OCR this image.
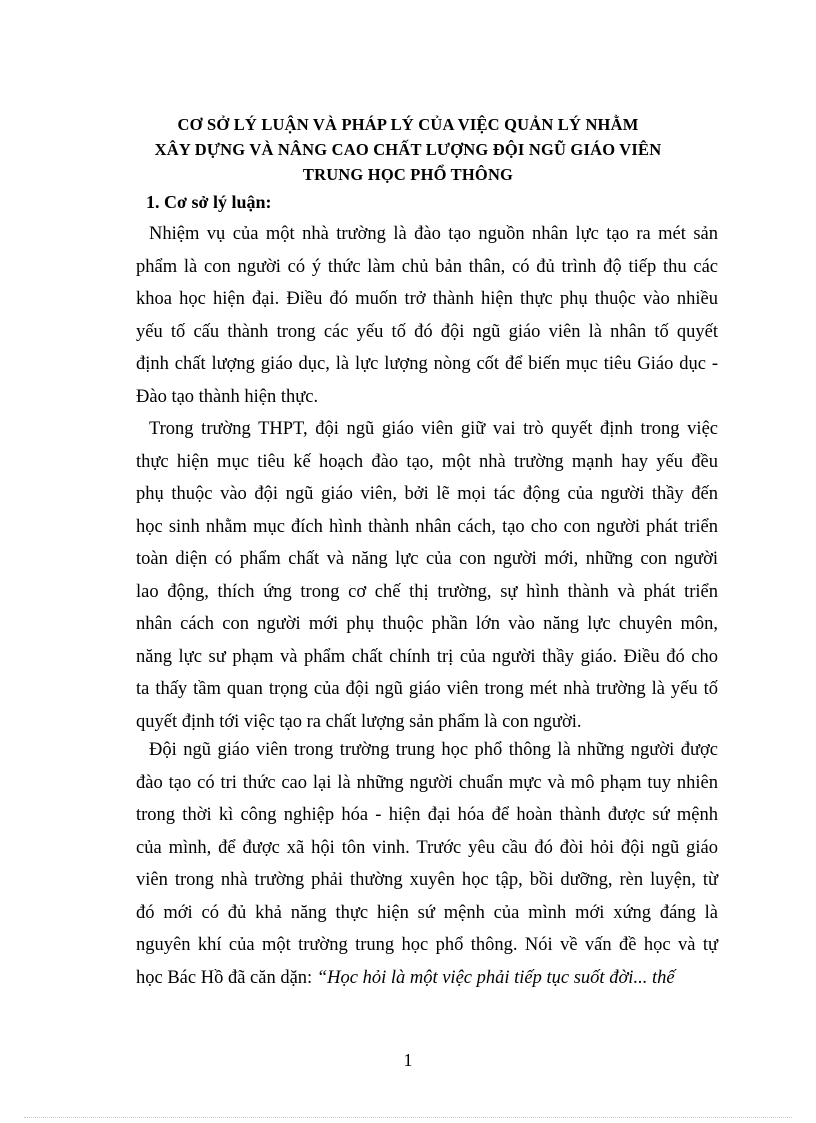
CƠ SỞ LÝ LUẬN VÀ PHÁP LÝ CỦA VIỆC QUẢN LÝ NHẰM
XÂY DỰNG VÀ NÂNG CAO CHẤT LƯỢNG ĐỘI NGŨ GIÁO VIÊN
TRUNG HỌC PHỔ THÔNG
1. Cơ sở lý luận:
Nhiệm vụ của một nhà trường là đào tạo nguồn nhân lực tạo ra mét sản
phẩm là con người có ý thức làm chủ bản thân, có đủ trình độ tiếp thu các
khoa học hiện đại. Điều đó muốn trở thành hiện thực phụ thuộc vào nhiều
yếu tố cấu thành trong các yếu tố đó đội ngũ giáo viên là nhân tố quyết
định chất lượng giáo dục, là lực lượng nòng cốt để biến mục tiêu Giáo dục -
Đào tạo thành hiện thực.
Trong trường THPT, đội ngũ giáo viên giữ vai trò quyết định trong việc
thực hiện mục tiêu kế hoạch đào tạo, một nhà trường mạnh hay yếu đều
phụ thuộc vào đội ngũ giáo viên, bởi lẽ mọi tác động của người thầy đến
học sinh nhằm mục đích hình thành nhân cách, tạo cho con người phát triển
toàn diện có phẩm chất và năng lực của con người mới, những con người
lao động, thích ứng trong cơ chế thị trường, sự hình thành và phát triển
nhân cách con người mới phụ thuộc phần lớn vào năng lực chuyên môn,
năng lực sư phạm và phẩm chất chính trị của người thầy giáo. Điều đó cho
ta thấy tầm quan trọng của đội ngũ giáo viên trong mét nhà trường là yếu tố
quyết định tới việc tạo ra chất lượng sản phẩm là con người.
Đội ngũ giáo viên trong trường trung học phổ thông là những người được
đào tạo có tri thức cao lại là những người chuẩn mực và mô phạm tuy nhiên
trong thời kì công nghiệp hóa - hiện đại hóa để hoàn thành được sứ mệnh
của mình, để được xã hội tôn vinh. Trước yêu cầu đó đòi hỏi đội ngũ giáo
viên trong nhà trường phải thường xuyên học tập, bồi dưỡng, rèn luyện, từ
đó mới có đủ khả năng thực hiện sứ mệnh của mình mới xứng đáng là
nguyên khí của một trường trung học phổ thông. Nói về vấn đề học và tự
học Bác Hồ đã căn dặn: “Học hỏi là một việc phải tiếp tục suốt đời... thế
1
